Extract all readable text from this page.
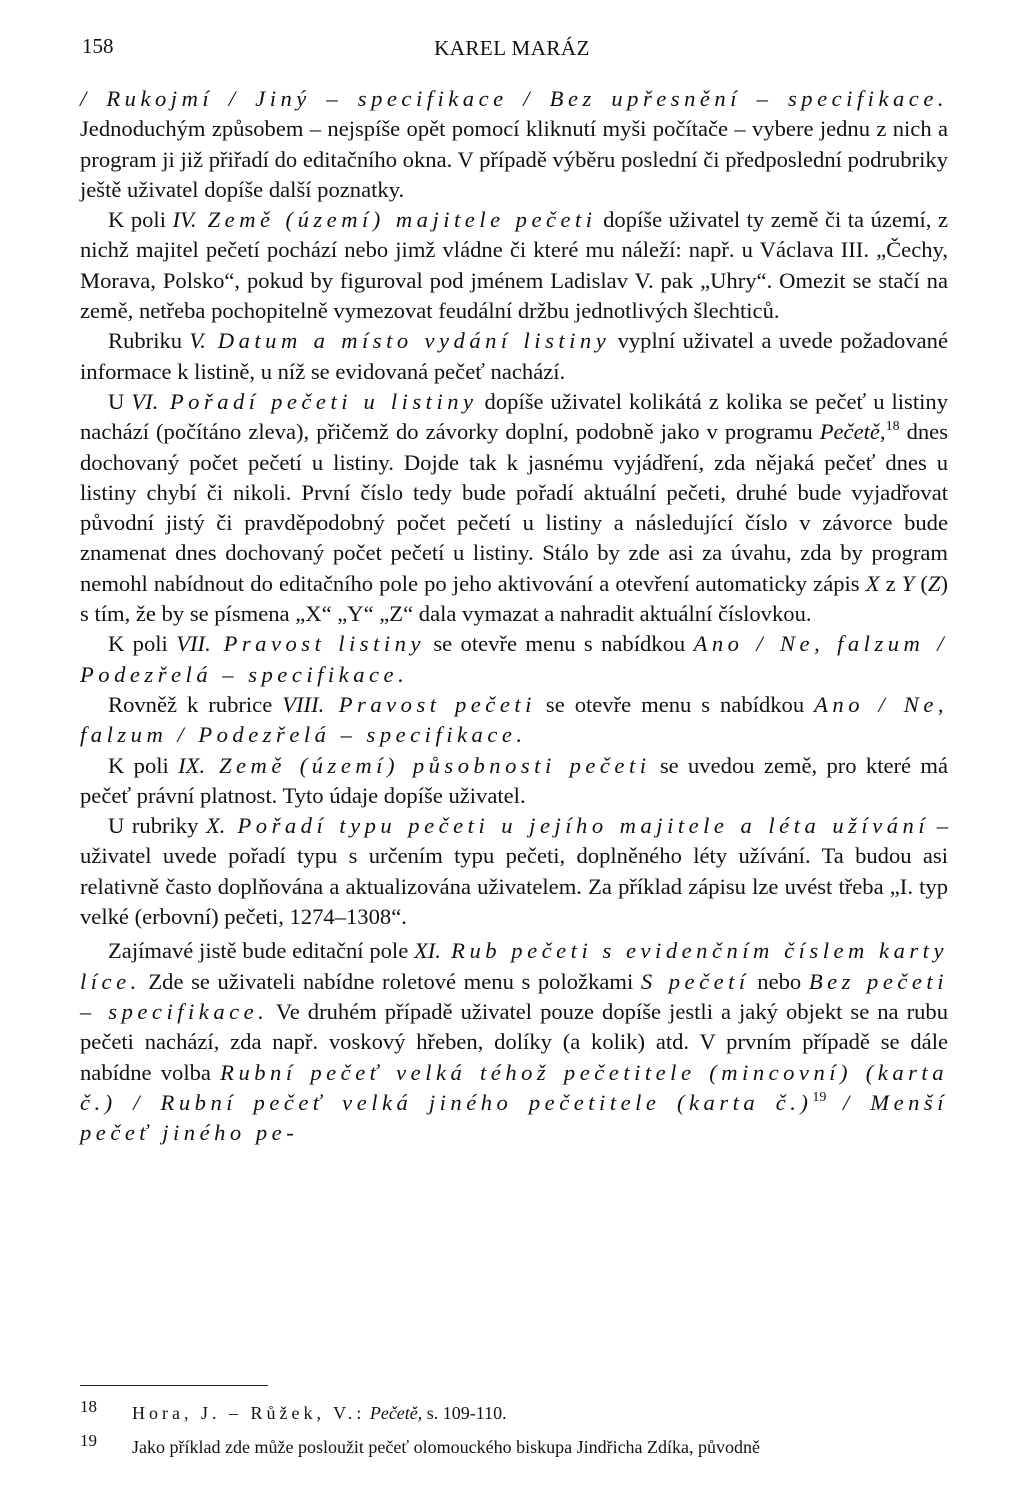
158	KAREL MARÁZ

/ Rukojmí / Jiný – specifikace / Bez upřesnění – specifikace. Jednoduchým způsobem – nejspíše opět pomocí kliknutí myši počítače – vybere jednu z nich a program ji již přiřadí do editačního okna. V případě výběru poslední či předposlední podrubriky ještě uživatel dopíše další poznatky.

K poli IV. Země (území) majitele pečeti dopíše uživatel ty země či ta území, z nichž majitel pečetí pochází nebo jimž vládne či které mu náleží: např. u Václava III. „Čechy, Morava, Polsko“, pokud by figuroval pod jménem Ladislav V. pak „Uhry“. Omezit se stačí na země, netřeba pochopitelně vymezovat feudální držbu jednotlivých šlechticů.

Rubriku V. Datum a místo vydání listiny vyplní uživatel a uvede požadované informace k listině, u níž se evidovaná pečeť nachází.

U VI. Pořadí pečeti u listiny dopíše uživatel kolikátá z kolika se pečeť u listiny nachází (počítáno zleva), přičemž do závorky doplní, podobně jako v programu Pečetě,$^{18}$ dnes dochovaný počet pečetí u listiny. Dojde tak k jasnému vyjádření, zda nějaká pečeť dnes u listiny chybí či nikoli. První číslo tedy bude pořadí aktuální pečeti, druhé bude vyjadřovat původní jistý či pravděpodobný počet pečetí u listiny a následující číslo v závorce bude znamenat dnes dochovaný počet pečetí u listiny. Stálo by zde asi za úvahu, zda by program nemohl nabídnout do editačního pole po jeho aktivování a otevření automaticky zápis X z Y (Z) s tím, že by se písmena „X“ „Y“ „Z“ dala vymazat a nahradit aktuální číslovkou.

K poli VII. Pravost listiny se otevře menu s nabídkou Ano / Ne, falzum / Podezřelá – specifikace.

Rovněž k rubrice VIII. Pravost pečeti se otevře menu s nabídkou Ano / Ne, falzum / Podezřelá – specifikace.

K poli IX. Země (území) působnosti pečeti se uvedou země, pro které má pečeť právní platnost. Tyto údaje dopíše uživatel.

U rubriky X. Pořadí typu pečeti u jejího majitele a léta užívání – uživatel uvede pořadí typu s určením typu pečeti, doplněného léty užívání. Ta budou asi relativně často doplňována a aktualizována uživatelem. Za příklad zápisu lze uvést třeba „I. typ velké (erbovní) pečeti, 1274–1308“.

Zajímavé jistě bude editační pole XI. Rub pečeti s evidenčním číslem karty líce. Zde se uživateli nabídne roletové menu s položkami S pečetí nebo Bez pečeti – specifikace. Ve druhém případě uživatel pouze dopíše jestli a jaký objekt se na rubu pečeti nachází, zda např. voskový hřeben, dolíky (a kolik) atd. V prvním případě se dále nabídne volba Rubní pečeť velká téhož pečetitele (mincovní) (karta č.) / Rubní pečeť velká jiného pečetitele (karta č.)$^{19}$ / Menší pečeť jiného pe-

18 Hora, J. – Růžek, V.: Pečetě, s. 109-110.
19 Jako příklad zde může posloužit pečeť olomouckého biskupa Jindřicha Zdíka, původně
